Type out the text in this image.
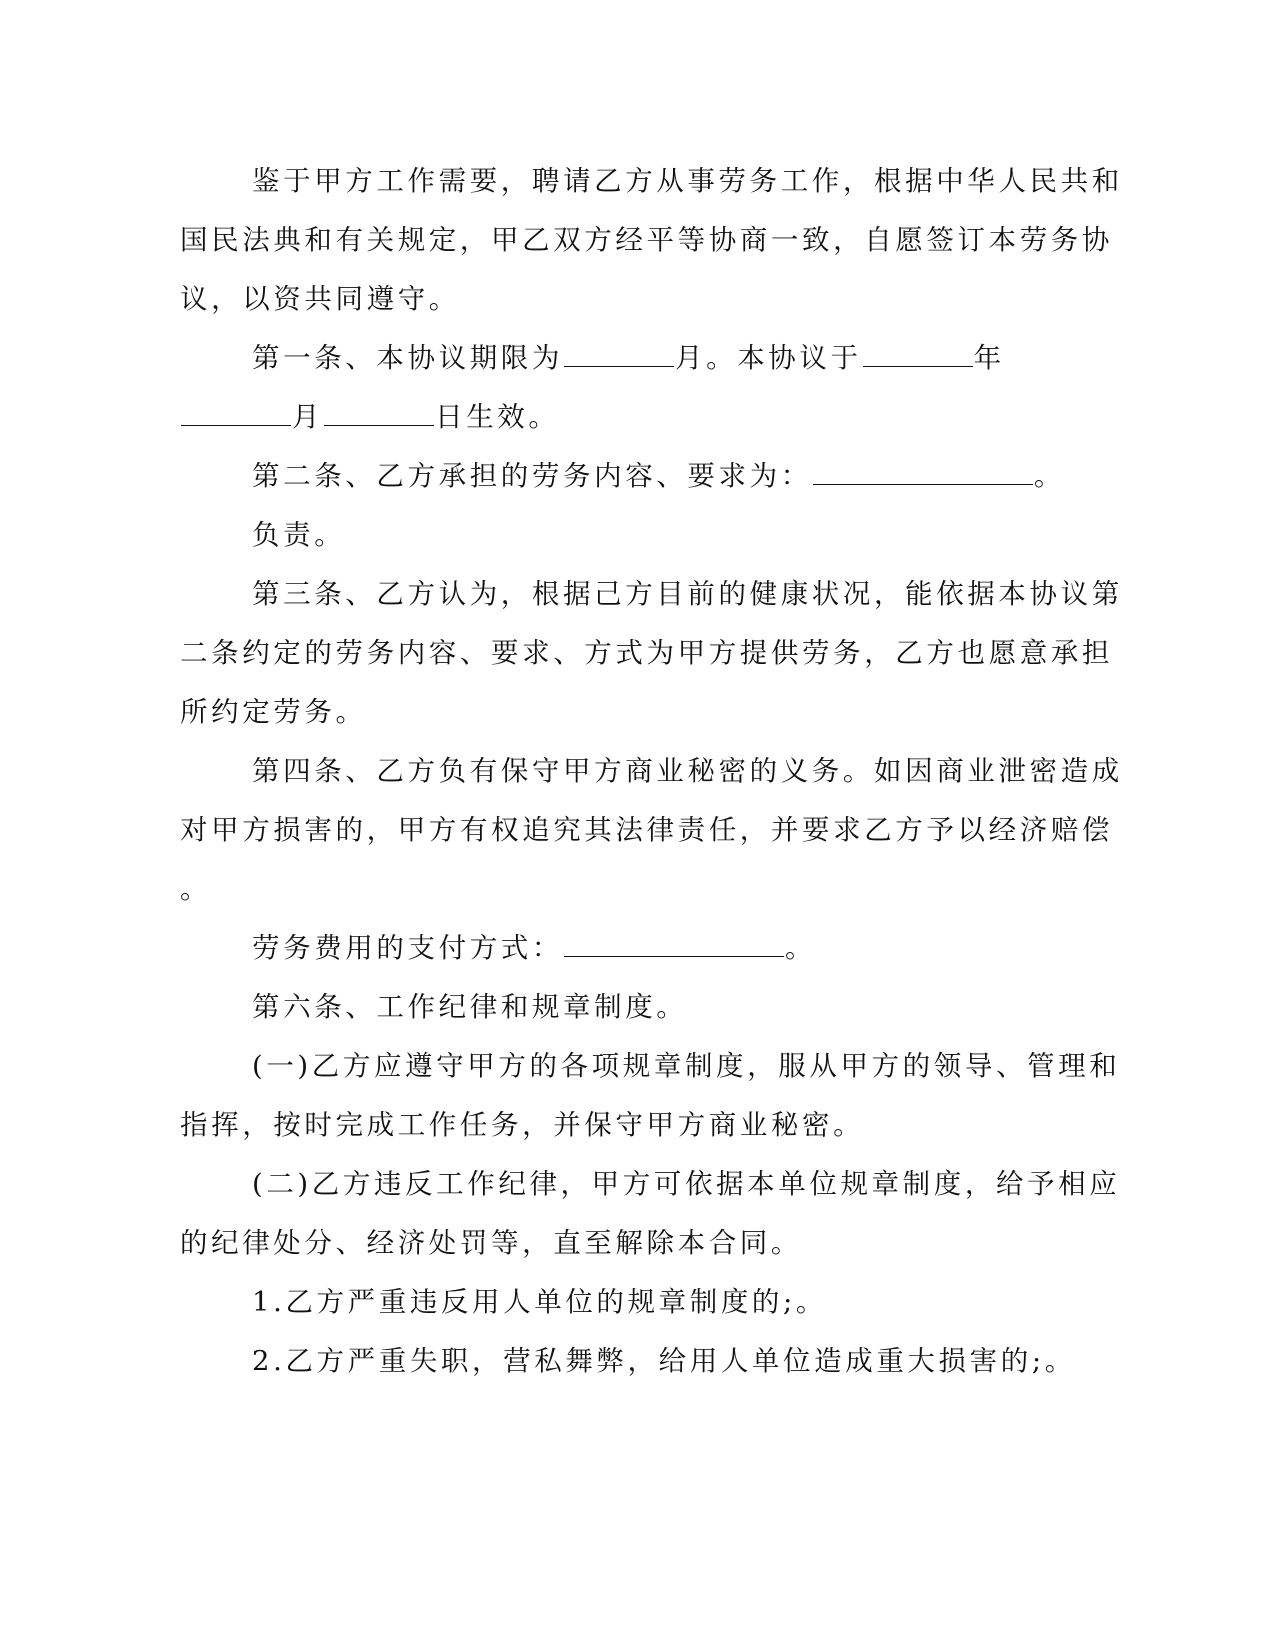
鉴于甲方工作需要，聘请乙方从事劳务工作，根据中华人民共和
国民法典和有关规定，甲乙双方经平等协商一致，自愿签订本劳务协
议，以资共同遵守。
第一条、本协议期限为	月。本协议于	年
月	日生效。
第二条、乙方承担的劳务内容、要求为：	。
负责。
第三条、乙方认为，根据己方目前的健康状况，能依据本协议第
二条约定的劳务内容、要求、方式为甲方提供劳务，乙方也愿意承担
所约定劳务。
第四条、乙方负有保守甲方商业秘密的义务。如因商业泄密造成
对甲方损害的，甲方有权追究其法律责任，并要求乙方予以经济赔偿
。
劳务费用的支付方式：	。
第六条、工作纪律和规章制度。
(一)乙方应遵守甲方的各项规章制度，服从甲方的领导、管理和
指挥，按时完成工作任务，并保守甲方商业秘密。
(二)乙方违反工作纪律，甲方可依据本单位规章制度，给予相应
的纪律处分、经济处罚等，直至解除本合同。
1.乙方严重违反用人单位的规章制度的;。
2.乙方严重失职，营私舞弊，给用人单位造成重大损害的;。
